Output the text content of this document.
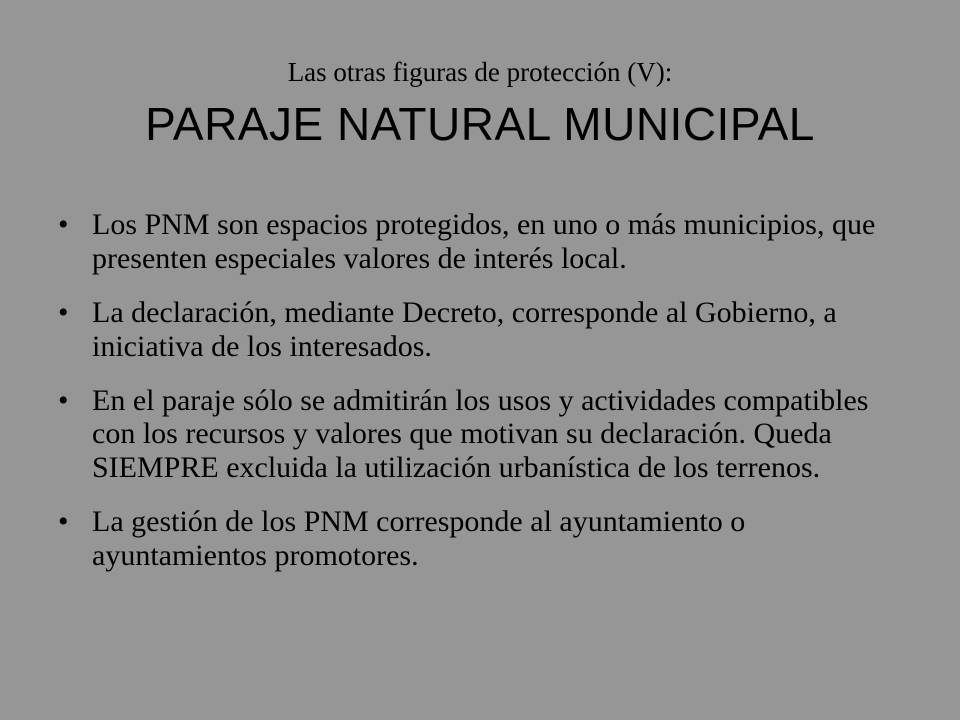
Las otras figuras de protección (V):
PARAJE NATURAL MUNICIPAL
• Los PNM son espacios protegidos, en uno o más municipios, que presenten especiales valores de interés local.
• La declaración, mediante Decreto, corresponde al Gobierno, a iniciativa de los interesados.
• En el paraje sólo se admitirán los usos y actividades compatibles con los recursos y valores que motivan su declaración. Queda SIEMPRE excluida la utilización urbanística de los terrenos.
• La gestión de los PNM corresponde al ayuntamiento o ayuntamientos promotores.
